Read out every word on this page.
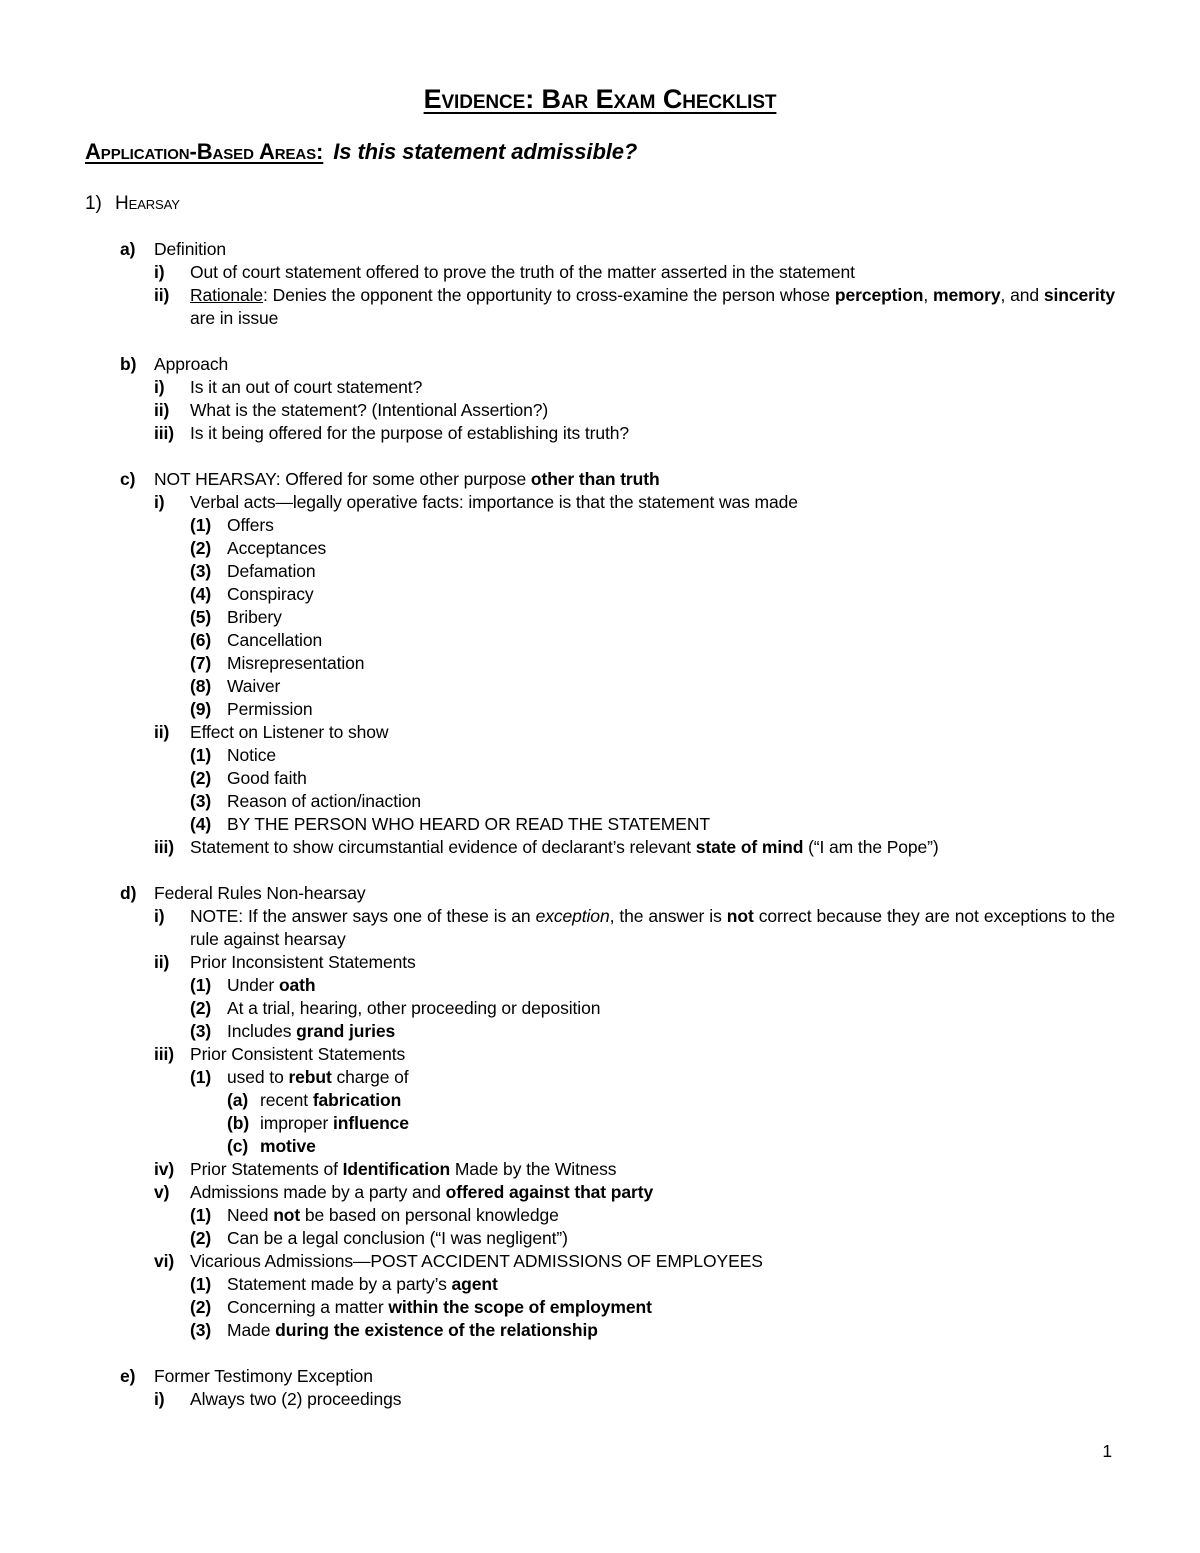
Evidence: Bar Exam Checklist
Application-Based Areas: Is this statement admissible?
1) Hearsay
a)	Definition
i)	Out of court statement offered to prove the truth of the matter asserted in the statement
ii)	Rationale: Denies the opponent the opportunity to cross-examine the person whose perception, memory, and sincerity are in issue
b)	Approach
i)	Is it an out of court statement?
ii)	What is the statement? (Intentional Assertion?)
iii) Is it being offered for the purpose of establishing its truth?
c)	NOT HEARSAY: Offered for some other purpose other than truth
i)	Verbal acts—legally operative facts: importance is that the statement was made
(1) Offers
(2) Acceptances
(3) Defamation
(4) Conspiracy
(5) Bribery
(6) Cancellation
(7) Misrepresentation
(8) Waiver
(9) Permission
ii)	Effect on Listener to show
(1) Notice
(2) Good faith
(3) Reason of action/inaction
(4) BY THE PERSON WHO HEARD OR READ THE STATEMENT
iii) Statement to show circumstantial evidence of declarant’s relevant state of mind (“I am the Pope”)
d)	Federal Rules Non-hearsay
i)	NOTE: If the answer says one of these is an exception, the answer is not correct because they are not exceptions to the rule against hearsay
ii)	Prior Inconsistent Statements
(1) Under oath
(2) At a trial, hearing, other proceeding or deposition
(3) Includes grand juries
iii) Prior Consistent Statements
(1) used to rebut charge of
(a) recent fabrication
(b) improper influence
(c) motive
iv) Prior Statements of Identification Made by the Witness
v)	Admissions made by a party and offered against that party
(1) Need not be based on personal knowledge
(2) Can be a legal conclusion (“I was negligent”)
vi) Vicarious Admissions—POST ACCIDENT ADMISSIONS OF EMPLOYEES
(1) Statement made by a party’s agent
(2) Concerning a matter within the scope of employment
(3) Made during the existence of the relationship
e)	Former Testimony Exception
i)	Always two (2) proceedings
1
